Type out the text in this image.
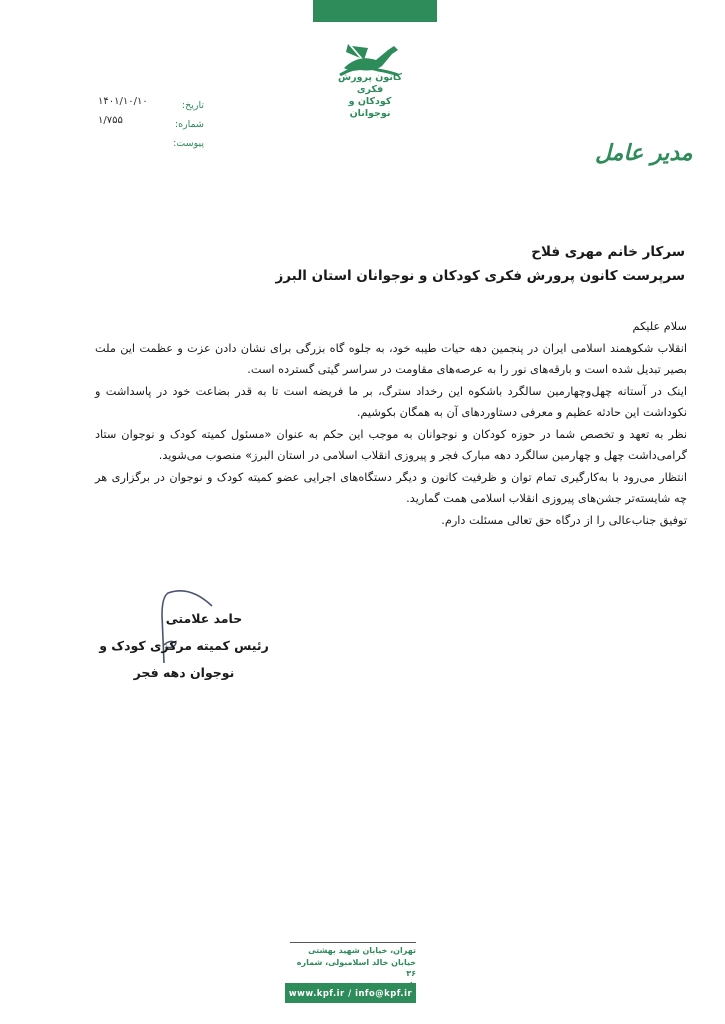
کانون پرورش فکری
کودکان و نوجوانان
تاریخ:
۱۴۰۱/۱۰/۱۰
شماره:
۱/۷۵۵
پیوست:	مدیر عامل
سرکار خانم مهری فلاح
سرپرست کانون پرورش فکری کودکان و نوجوانان استان البرز

سلام علیکم

انقلاب شکوهمند اسلامی ایران در پنجمین دهه حیات طیبه خود، به جلوه گاه بزرگی برای نشان دادن عزت و عظمت این ملت بصیر تبدیل شده است و بارقه‌های نور را به عرصه‌های مقاومت در سراسر گیتی گسترده است.

اینک در آستانه چهل‌وچهارمین سالگرد باشکوه این رخداد سترگ، بر ما فریضه است تا به قدر بضاعت خود در پاسداشت و نکوداشت این حادثه عظیم و معرفی دستاوردهای آن به همگان بکوشیم.

نظر به تعهد و تخصص شما در حوزه کودکان و نوجوانان به موجب این حکم به عنوان «مسئول کمیته کودک و نوجوان ستاد گرامی‌داشت چهل و چهارمین سالگرد دهه مبارک فجر و پیروزی انقلاب اسلامی در استان البرز» منصوب می‌شوید.

انتظار می‌رود با به‌کارگیری تمام توان و ظرفیت کانون و دیگر دستگاه‌های اجرایی عضو کمیته کودک و نوجوان در برگزاری هر چه شایسته‌تر جشن‌های پیروزی انقلاب اسلامی همت گمارید.

توفیق جناب‌عالی را از درگاه حق تعالی مسئلت دارم.

حامد علامتی
رئیس کمیته مرکزی کودک و نوجوان دهه فجر
تهران، خیابان شهید بهشتی
خیابان خالد اسلامبولی، شماره ۳۶
www.kpf.ir / info@kpf.ir
